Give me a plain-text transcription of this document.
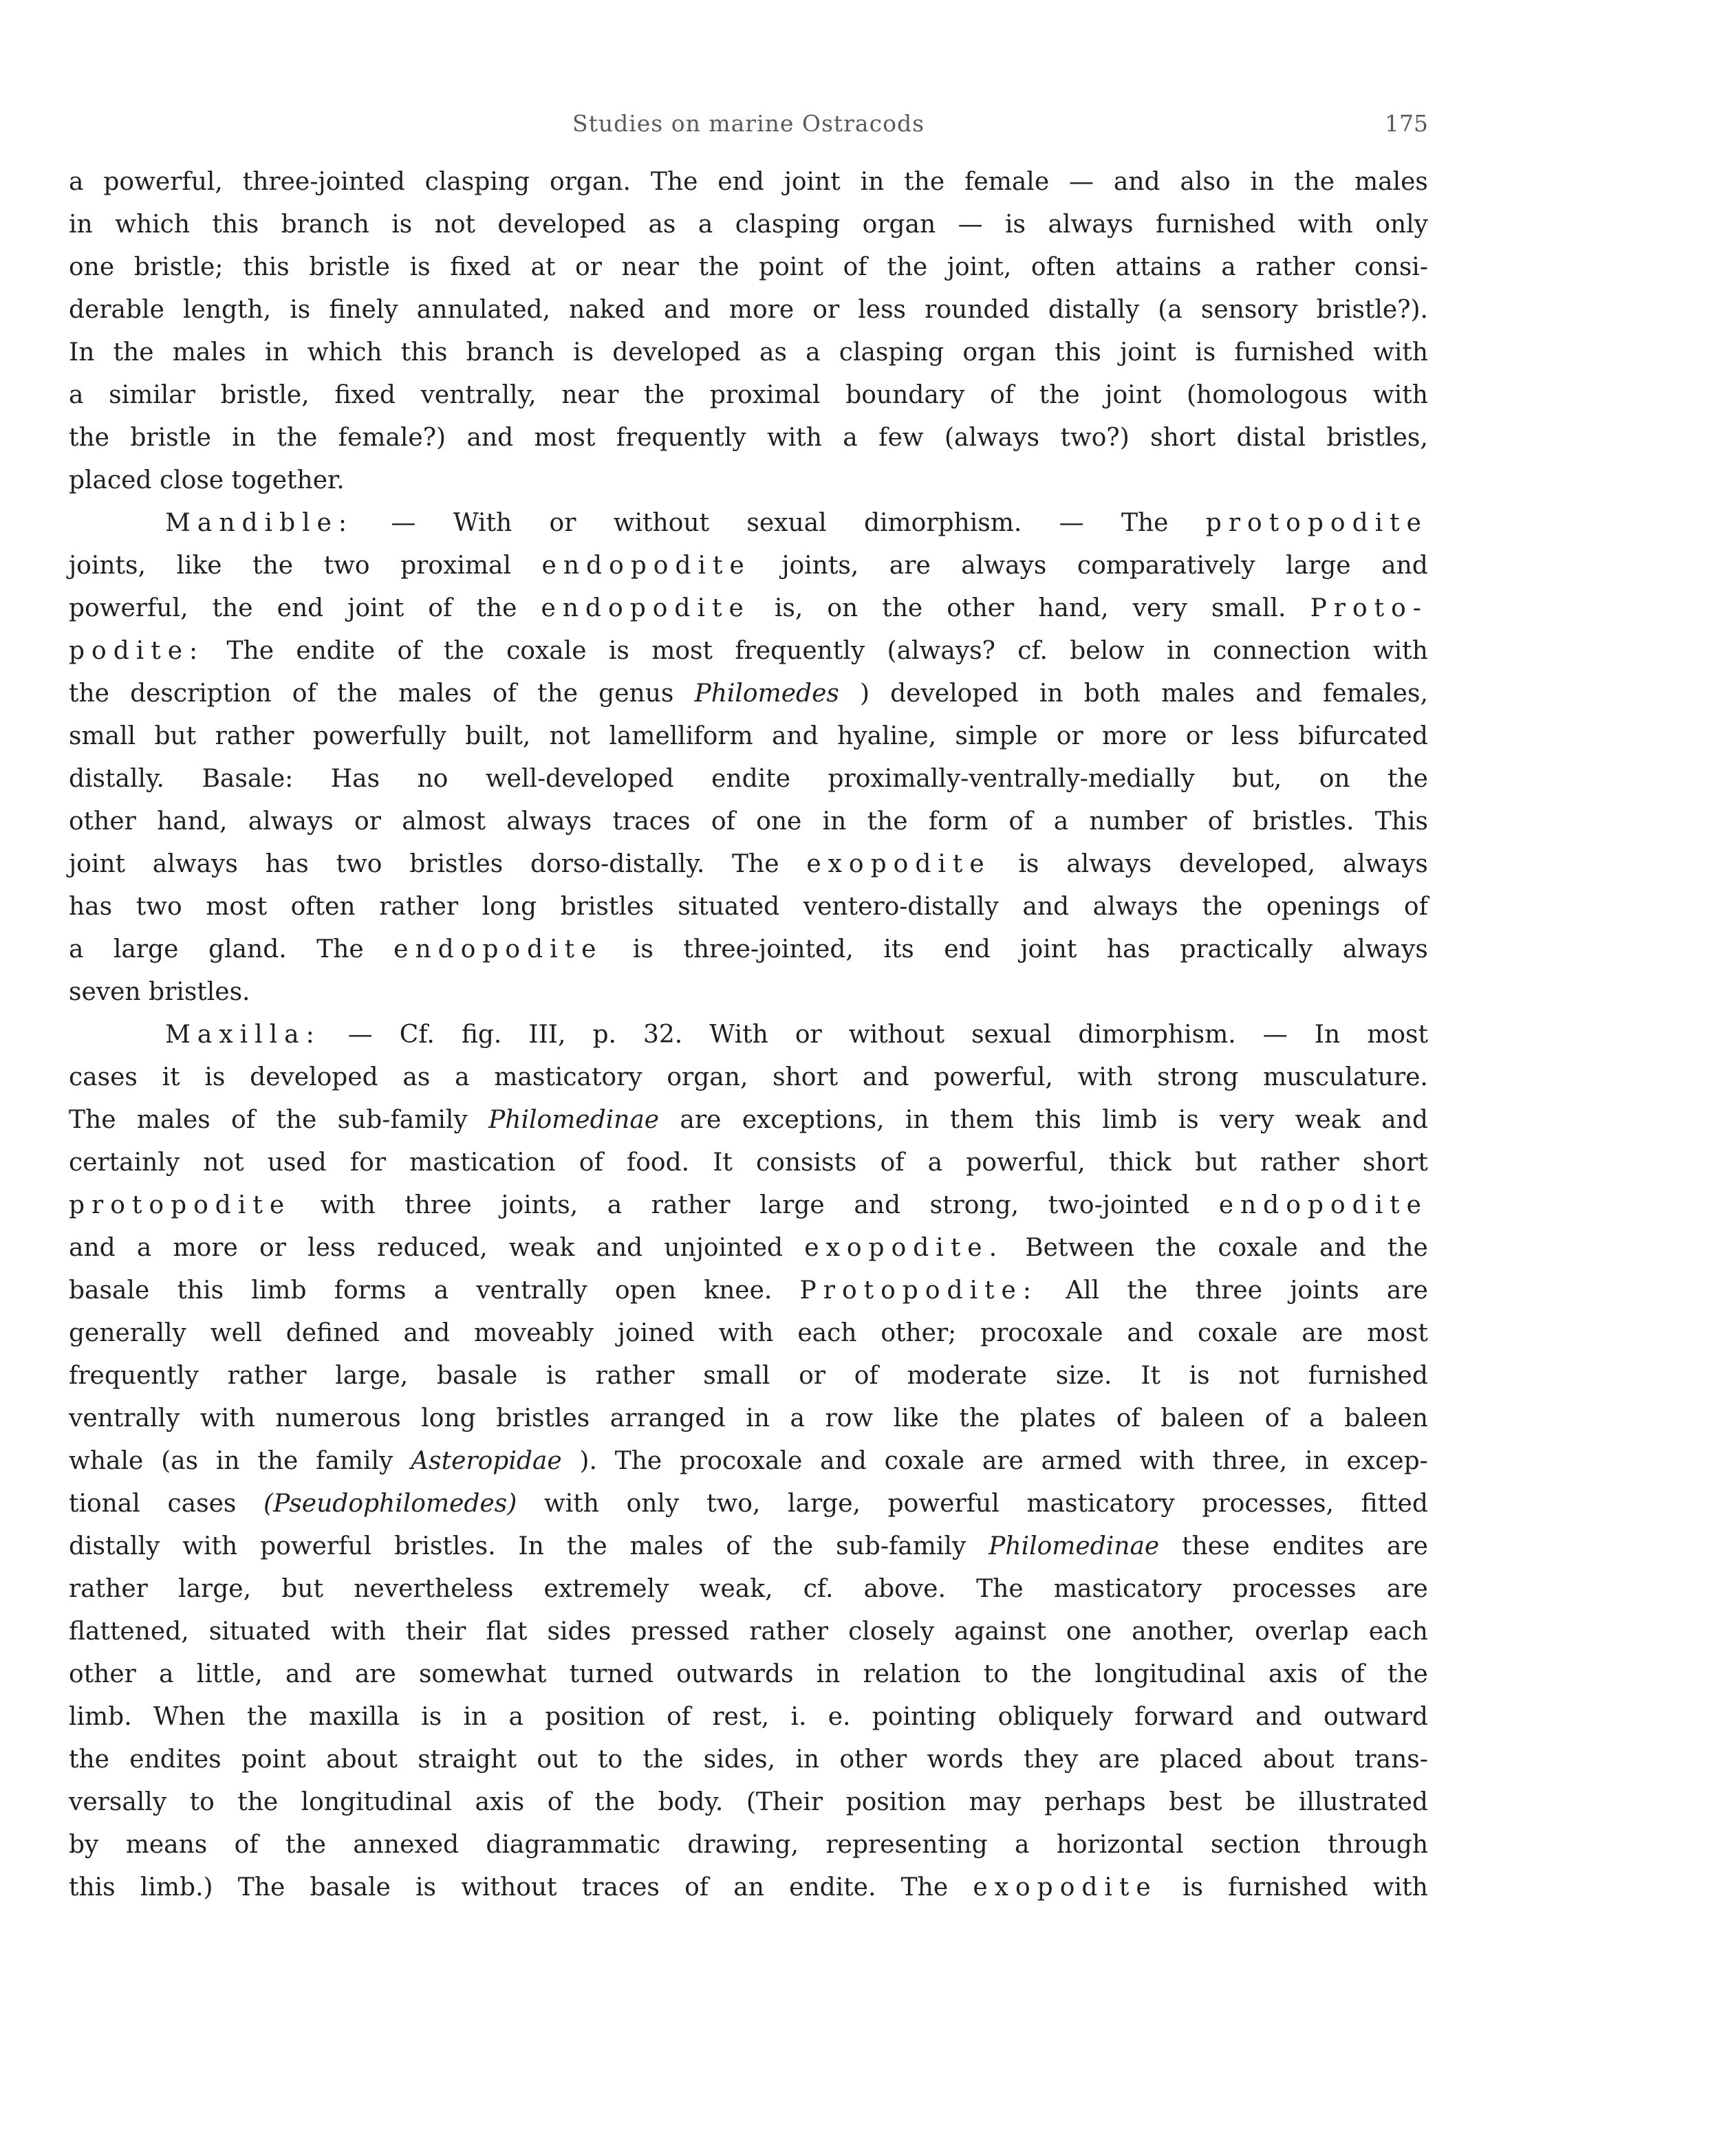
Studies on marine Ostracods	175
a powerful, three-jointed clasping organ. The end joint in the female — and also in the males
in which this branch is not developed as a clasping organ — is always furnished with only
one bristle; this bristle is fixed at or near the point of the joint, often attains a rather consi-
derable length, is finely annulated, naked and more or less rounded distally (a sensory bristle?).
In the males in which this branch is developed as a clasping organ this joint is furnished with
a similar bristle, fixed ventrally, near the proximal boundary of the joint (homologous with
the bristle in the female?) and most frequently with a few (always two?) short distal bristles,
placed close together.
Mandible: — With or without sexual dimorphism. — The protopodite
joints, like the two proximal endopodite joints, are always comparatively large and
powerful, the end joint of the endopodite is, on the other hand, very small. Proto-
podite: The endite of the coxale is most frequently (always? cf. below in connection with
the description of the males of the genus Philomedes ) developed in both males and females,
small but rather powerfully built, not lamelliform and hyaline, simple or more or less bifurcated
distally. Basale: Has no well-developed endite proximally-ventrally-medially but, on the
other hand, always or almost always traces of one in the form of a number of bristles. This
joint always has two bristles dorso-distally. The exopodite is always developed, always
has two most often rather long bristles situated ventero-distally and always the openings of
a large gland. The endopodite is three-jointed, its end joint has practically always
seven bristles.
Maxilla: — Cf. fig. III, p. 32. With or without sexual dimorphism. — In most
cases it is developed as a masticatory organ, short and powerful, with strong musculature.
The males of the sub-family Philomedinae are exceptions, in them this limb is very weak and
certainly not used for mastication of food. It consists of a powerful, thick but rather short
protopodite with three joints, a rather large and strong, two-jointed endopodite
and a more or less reduced, weak and unjointed exopodite. Between the coxale and the
basale this limb forms a ventrally open knee. Protopodite: All the three joints are
generally well defined and moveably joined with each other; procoxale and coxale are most
frequently rather large, basale is rather small or of moderate size. It is not furnished
ventrally with numerous long bristles arranged in a row like the plates of baleen of a baleen
whale (as in the family Asteropidae ). The procoxale and coxale are armed with three, in excep-
tional cases (Pseudophilomedes) with only two, large, powerful masticatory processes, fitted
distally with powerful bristles. In the males of the sub-family Philomedinae these endites are
rather large, but nevertheless extremely weak, cf. above. The masticatory processes are
flattened, situated with their flat sides pressed rather closely against one another, overlap each
other a little, and are somewhat turned outwards in relation to the longitudinal axis of the
limb. When the maxilla is in a position of rest, i. e. pointing obliquely forward and outward
the endites point about straight out to the sides, in other words they are placed about trans-
versally to the longitudinal axis of the body. (Their position may perhaps best be illustrated
by means of the annexed diagrammatic drawing, representing a horizontal section through
this limb.) The basale is without traces of an endite. The exopodite is furnished with
